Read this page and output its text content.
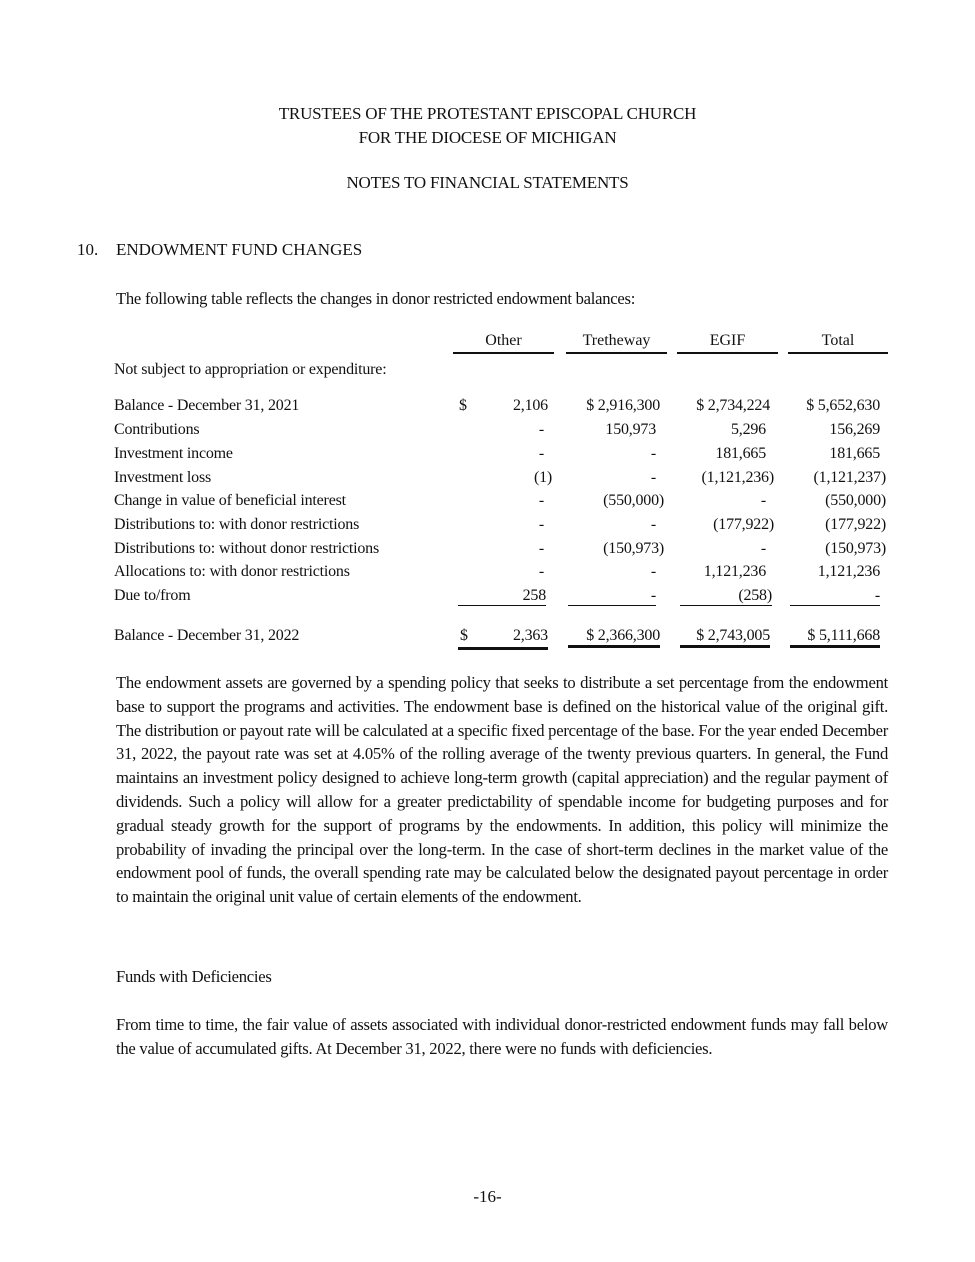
TRUSTEES OF THE PROTESTANT EPISCOPAL CHURCH
FOR THE DIOCESE OF MICHIGAN
NOTES TO FINANCIAL STATEMENTS
10. ENDOWMENT FUND CHANGES
The following table reflects the changes in donor restricted endowment balances:
Other	Tretheway	EGIF	Total
Not subject to appropriation or expenditure:
Balance - December 31, 2021	$	2,106	$ 2,916,300	$ 2,734,224	$ 5,652,630
Contributions	-	150,973	5,296	156,269
Investment income	-	-	181,665	181,665
Investment loss	(1)	-	(1,121,236)	(1,121,237)
Change in value of beneficial interest	-	(550,000)	-	(550,000)
Distributions to: with donor restrictions	-	-	(177,922)	(177,922)
Distributions to: without donor restrictions	-	(150,973)	-	(150,973)
Allocations to: with donor restrictions	-	-	1,121,236	1,121,236
Due to/from	258	-	(258)	-
Balance - December 31, 2022	$	2,363	$ 2,366,300	$ 2,743,005	$ 5,111,668
The endowment assets are governed by a spending policy that seeks to distribute a set percentage from the endowment base to support the programs and activities. The endowment base is defined on the historical value of the original gift. The distribution or payout rate will be calculated at a specific fixed percentage of the base. For the year ended December 31, 2022, the payout rate was set at 4.05% of the rolling average of the twenty previous quarters. In general, the Fund maintains an investment policy designed to achieve long-term growth (capital appreciation) and the regular payment of dividends. Such a policy will allow for a greater predictability of spendable income for budgeting purposes and for gradual steady growth for the support of programs by the endowments. In addition, this policy will minimize the probability of invading the principal over the long-term. In the case of short-term declines in the market value of the endowment pool of funds, the overall spending rate may be calculated below the designated payout percentage in order to maintain the original unit value of certain elements of the endowment.
Funds with Deficiencies
From time to time, the fair value of assets associated with individual donor-restricted endowment funds may fall below the value of accumulated gifts. At December 31, 2022, there were no funds with deficiencies.
-16-
